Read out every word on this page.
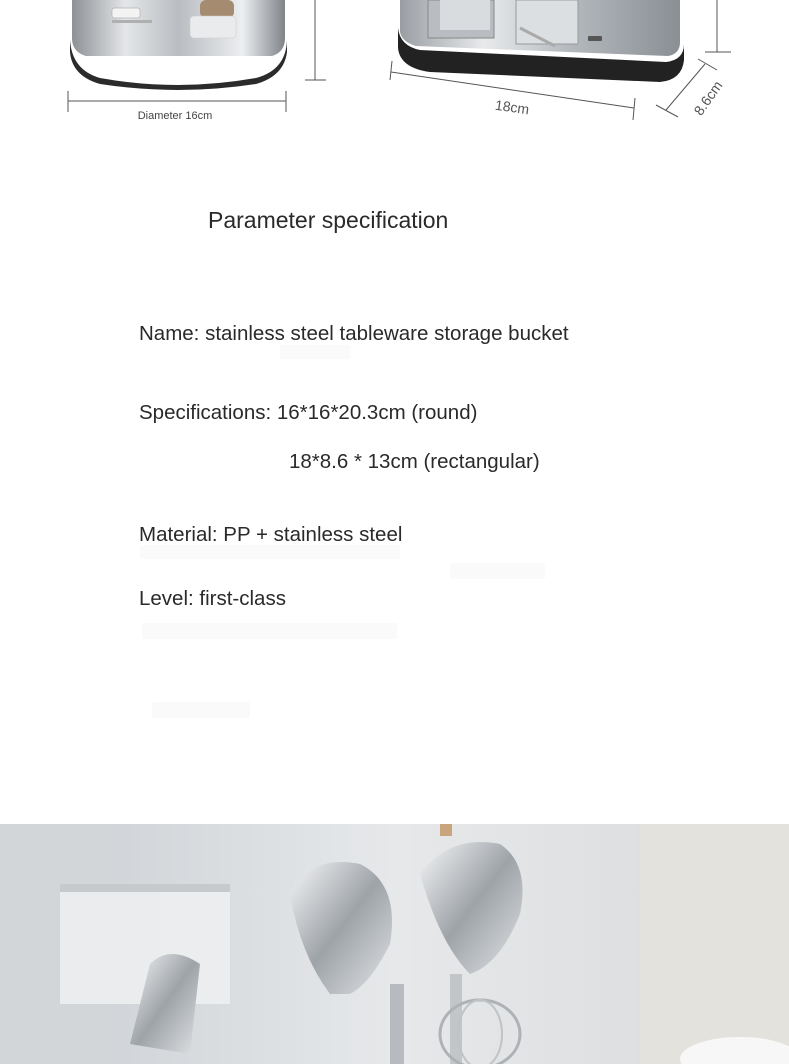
Diameter 16cm	18cm	8.6cm
Parameter specification
Name: stainless steel tableware storage bucket
Specifications: 16*16*20.3cm (round)
18*8.6 * 13cm (rectangular)
Material: PP + stainless steel
Level: first-class
